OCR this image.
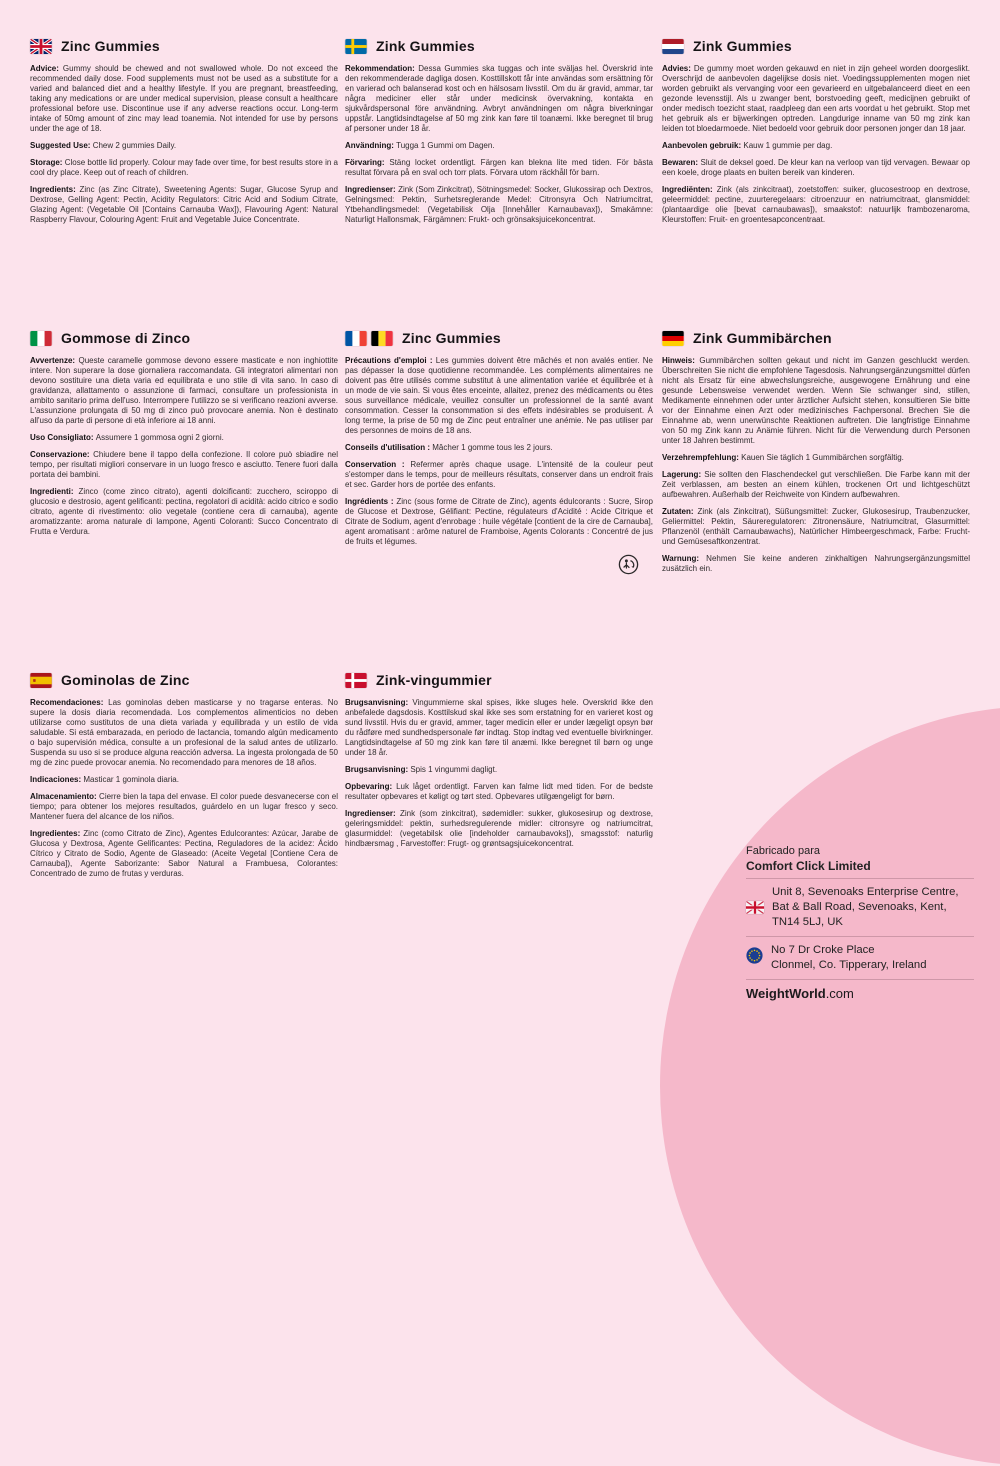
Zinc Gummies

Advice: Gummy should be chewed and not swallowed whole. Do not exceed the recommended daily dose. Food supplements must not be used as a substitute for a varied and balanced diet and a healthy lifestyle. If you are pregnant, breastfeeding, taking any medications or are under medical supervision, please consult a healthcare professional before use. Discontinue use if any adverse reactions occur. Long-term intake of 50mg amount of zinc may lead toanemia. Not intended for use by persons under the age of 18.

Suggested Use: Chew 2 gummies Daily.

Storage: Close bottle lid properly. Colour may fade over time, for best results store in a cool dry place. Keep out of reach of children.

Ingredients: Zinc (as Zinc Citrate), Sweetening Agents: Sugar, Glucose Syrup and Dextrose, Gelling Agent: Pectin, Acidity Regulators: Citric Acid and Sodium Citrate, Glazing Agent: (Vegetable Oil [Contains Carnauba Wax]), Flavouring Agent: Natural Raspberry Flavour, Colouring Agent: Fruit and Vegetable Juice Concentrate.

Zink Gummies

Rekommendation: Dessa Gummies ska tuggas och inte sväljas hel. Överskrid inte den rekommenderade dagliga dosen. Kosttillskott får inte användas som ersättning för en varierad och balanserad kost och en hälsosam livsstil. Om du är gravid, ammar, tar några mediciner eller står under medicinsk övervakning, kontakta en sjukvårdspersonal före användning. Avbryt användningen om några biverkningar uppstår. Langtidsindtagelse af 50 mg zink kan føre til toanæmi. Ikke beregnet til brug af personer under 18 år.

Användning: Tugga 1 Gummi om Dagen.

Förvaring: Stäng locket ordentligt. Färgen kan blekna lite med tiden. För bästa resultat förvara på en sval och torr plats. Förvara utom räckhåll för barn.

Ingredienser: Zink (Som Zinkcitrat), Sötningsmedel: Socker, Glukossirap och Dextros, Gelningsmed: Pektin, Surhetsreglerande Medel: Citronsyra Och Natriumcitrat, Ytbehandlingsmedel: (Vegetabilisk Olja [Innehåller Karnaubavax]), Smakämne: Naturligt Hallonsmak, Färgämnen: Frukt- och grönsaksjuicekoncentrat.

Zink Gummies

Advies: De gummy moet worden gekauwd en niet in zijn geheel worden doorgeslikt. Overschrijd de aanbevolen dagelijkse dosis niet. Voedingssupplementen mogen niet worden gebruikt als vervanging voor een gevarieerd en uitgebalanceerd dieet en een gezonde levensstijl. Als u zwanger bent, borstvoeding geeft, medicijnen gebruikt of onder medisch toezicht staat, raadpleeg dan een arts voordat u het gebruikt. Stop met het gebruik als er bijwerkingen optreden. Langdurige inname van 50 mg zink kan leiden tot bloedarmoede. Niet bedoeld voor gebruik door personen jonger dan 18 jaar.

Aanbevolen gebruik: Kauw 1 gummie per dag.

Bewaren: Sluit de deksel goed. De kleur kan na verloop van tijd vervagen. Bewaar op een koele, droge plaats en buiten bereik van kinderen.

Ingrediënten: Zink (als zinkcitraat), zoetstoffen: suiker, glucosestroop en dextrose, geleermiddel: pectine, zuurteregelaars: citroenzuur en natriumcitraat, glansmiddel: (plantaardige olie [bevat carnaubawas]), smaakstof: natuurlijk frambozenaroma, Kleurstoffen: Fruit- en groentesapconcentraat.

Gommose di Zinco

Avvertenze: Queste caramelle gommose devono essere masticate e non inghiottite intere. Non superare la dose giornaliera raccomandata. Gli integratori alimentari non devono sostituire una dieta varia ed equilibrata e uno stile di vita sano. In caso di gravidanza, allattamento o assunzione di farmaci, consultare un professionista in ambito sanitario prima dell'uso. Interrompere l'utilizzo se si verificano reazioni avverse. L'assunzione prolungata di 50 mg di zinco può provocare anemia. Non è destinato all'uso da parte di persone di età inferiore ai 18 anni.

Uso Consigliato: Assumere 1 gommosa ogni 2 giorni.

Conservazione: Chiudere bene il tappo della confezione. Il colore può sbiadire nel tempo, per risultati migliori conservare in un luogo fresco e asciutto. Tenere fuori dalla portata dei bambini.

Ingredienti: Zinco (come zinco citrato), agenti dolcificanti: zucchero, sciroppo di glucosio e destrosio, agent gelificanti: pectina, regolatori di acidità: acido citrico e sodio citrato, agente di rivestimento: olio vegetale (contiene cera di carnauba), agente aromatizzante: aroma naturale di lampone, Agenti Coloranti: Succo Concentrato di Frutta e Verdura.

Zinc Gummies

Précautions d'emploi : Les gummies doivent être mâchés et non avalés entier. Ne pas dépasser la dose quotidienne recommandée. Les compléments alimentaires ne doivent pas être utilisés comme substitut à une alimentation variée et équilibrée et à un mode de vie sain. Si vous êtes enceinte, allaitez, prenez des médicaments ou êtes sous surveillance médicale, veuillez consulter un professionnel de la santé avant consommation. Cesser la consommation si des effets indésirables se produisent. À long terme, la prise de 50 mg de Zinc peut entraîner une anémie. Ne pas utiliser par des personnes de moins de 18 ans.

Conseils d'utilisation : Mâcher 1 gomme tous les 2 jours.

Conservation : Refermer après chaque usage. L'intensité de la couleur peut s'estomper dans le temps, pour de meilleurs résultats, conserver dans un endroit frais et sec. Garder hors de portée des enfants.

Ingrédients : Zinc (sous forme de Citrate de Zinc), agents édulcorants : Sucre, Sirop de Glucose et Dextrose, Gélifiant: Pectine, régulateurs d'Acidité : Acide Citrique et Citrate de Sodium, agent d'enrobage : huile végétale [contient de la cire de Carnauba], agent aromatisant : arôme naturel de Framboise, Agents Colorants : Concentré de jus de fruits et légumes.

Zink Gummibärchen

Hinweis: Gummibärchen sollten gekaut und nicht im Ganzen geschluckt werden. Überschreiten Sie nicht die empfohlene Tagesdosis. Nahrungsergänzungsmittel dürfen nicht als Ersatz für eine abwechslungsreiche, ausgewogene Ernährung und eine gesunde Lebensweise verwendet werden. Wenn Sie schwanger sind, stillen, Medikamente einnehmen oder unter ärztlicher Aufsicht stehen, konsultieren Sie bitte vor der Einnahme einen Arzt oder medizinisches Fachpersonal. Brechen Sie die Einnahme ab, wenn unerwünschte Reaktionen auftreten. Die langfristige Einnahme von 50 mg Zink kann zu Anämie führen. Nicht für die Verwendung durch Personen unter 18 Jahren bestimmt.

Verzehrempfehlung: Kauen Sie täglich 1 Gummibärchen sorgfältig.

Lagerung: Sie sollten den Flaschendeckel gut verschließen. Die Farbe kann mit der Zeit verblassen, am besten an einem kühlen, trockenen Ort und lichtgeschützt aufbewahren. Außerhalb der Reichweite von Kindern aufbewahren.

Zutaten: Zink (als Zinkcitrat), Süßungsmittel: Zucker, Glukosesirup, Traubenzucker, Geliermittel: Pektin, Säureregulatoren: Zitronensäure, Natriumcitrat, Glasurmittel: Pflanzenöl (enthält Carnaubawachs), Natürlicher Himbeergeschmack, Farbe: Frucht- und Gemüsesaftkonzentrat.

Warnung: Nehmen Sie keine anderen zinkhaltigen Nahrungsergänzungsmittel zusätzlich ein.

Gominolas de Zinc

Recomendaciones: Las gominolas deben masticarse y no tragarse enteras. No supere la dosis diaria recomendada. Los complementos alimenticios no deben utilizarse como sustitutos de una dieta variada y equilibrada y un estilo de vida saludable. Si está embarazada, en periodo de lactancia, tomando algún medicamento o bajo supervisión médica, consulte a un profesional de la salud antes de utilizarlo. Suspenda su uso si se produce alguna reacción adversa. La ingesta prolongada de 50 mg de zinc puede provocar anemia. No recomendado para menores de 18 años.

Indicaciones: Masticar 1 gominola diaria.

Almacenamiento: Cierre bien la tapa del envase. El color puede desvanecerse con el tiempo; para obtener los mejores resultados, guárdelo en un lugar fresco y seco. Mantener fuera del alcance de los niños.

Ingredientes: Zinc (como Citrato de Zinc), Agentes Edulcorantes: Azúcar, Jarabe de Glucosa y Dextrosa, Agente Gelificantes: Pectina, Reguladores de la acidez: Ácido Cítrico y Citrato de Sodio, Agente de Glaseado: (Aceite Vegetal [Contiene Cera de Carnauba]), Agente Saborizante: Sabor Natural a Frambuesa, Colorantes: Concentrado de zumo de frutas y verduras.

Zink-vingummier

Brugsanvisning: Vingummierne skal spises, ikke sluges hele. Overskrid ikke den anbefalede dagsdosis. Kosttilskud skal ikke ses som erstatning for en varieret kost og sund livsstil. Hvis du er gravid, ammer, tager medicin eller er under lægeligt opsyn bør du rådføre med sundhedspersonale før indtag. Stop indtag ved eventuelle bivirkninger. Langtidsindtagelse af 50 mg zink kan føre til anæmi. Ikke beregnet til børn og unge under 18 år.

Brugsanvisning: Spis 1 vingummi dagligt.

Opbevaring: Luk låget ordentligt. Farven kan falme lidt med tiden. For de bedste resultater opbevares et køligt og tørt sted. Opbevares utilgængeligt for børn.

Ingredienser: Zink (som zinkcitrat), sødemidler: sukker, glukosesirup og dextrose, geleringsmiddel: pektin, surhedsregulerende midler: citronsyre og natriumcitrat, glasurmiddel: (vegetabilsk olie [indeholder carnaubavoks]), smagsstof: naturlig hindbærsmag , Farvestoffer: Frugt- og grøntsagsjuicekoncentrat.

Fabricado para
Comfort Click Limited
Unit 8, Sevenoaks Enterprise Centre, Bat & Ball Road, Sevenoaks, Kent, TN14 5LJ, UK
No 7 Dr Croke Place
Clonmel, Co. Tipperary, Ireland
WeightWorld.com
